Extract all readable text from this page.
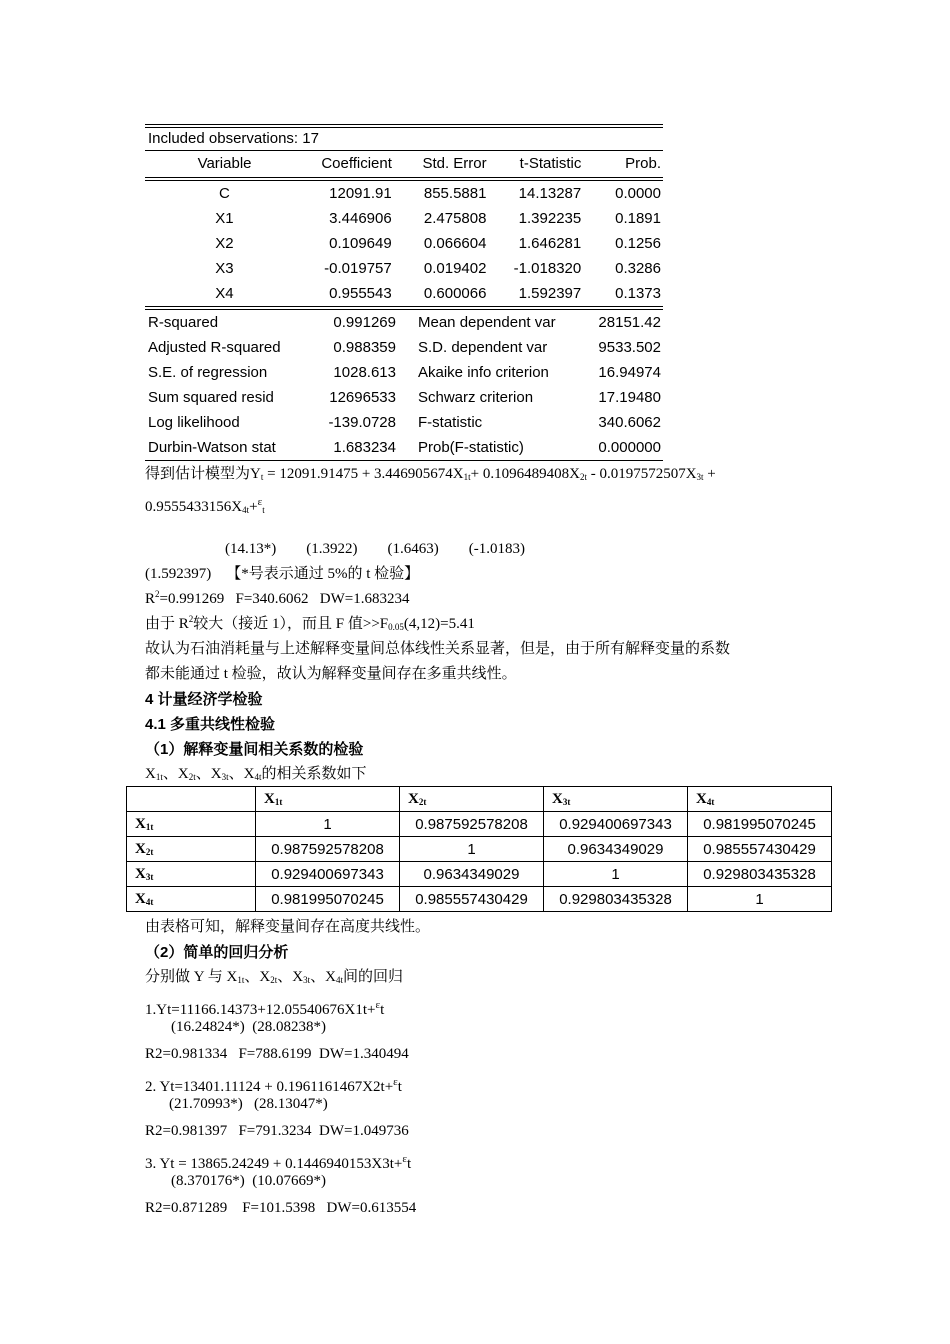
Included observations: 17
Variable	Coefficient	Std. Error	t-Statistic	Prob.
C	12091.91	855.5881	14.13287	0.0000
X1	3.446906	2.475808	1.392235	0.1891
X2	0.109649	0.066604	1.646281	0.1256
X3	-0.019757	0.019402	-1.018320	0.3286
X4	0.955543	0.600066	1.592397	0.1373
R-squared	0.991269	Mean dependent var	28151.42
Adjusted R-squared	0.988359	S.D. dependent var	9533.502
S.E. of regression	1028.613	Akaike info criterion	16.94974
Sum squared resid	12696533	Schwarz criterion	17.19480
Log likelihood	-139.0728	F-statistic	340.6062
Durbin-Watson stat	1.683234	Prob(F-statistic)	0.000000
得到估计模型为$Y_t = 12091.91475 + 3.446905674X_{1t}+ 0.1096489408X_{2t} - 0.0197572507X_{3t}$ +
$0.9555433156X_{4t}+^\varepsilon_t$
(14.13*)        (1.3922)        (1.6463)        (-1.0183)
(1.592397) 【*号表示通过 5%的 t 检验】
$R^2=0.991269$   F=340.6062   DW=1.683234
由于 $R^2$较大（接近 1），而且 F 值$>>F_{0.05}(4,12)=5.41$
故认为石油消耗量与上述解释变量间总体线性关系显著，但是，由于所有解释变量的系数
都未能通过 t 检验，故认为解释变量间存在多重共线性。
4 计量经济学检验
4.1 多重共线性检验
（1）解释变量间相关系数的检验
$X_{1t}$、$X_{2t}$、$X_{3t}$、$X_{4t}$的相关系数如下
	$X_{1t}$	$X_{2t}$	$X_{3t}$	$X_{4t}$
$X_{1t}$	1	0.987592578208	0.929400697343	0.981995070245
$X_{2t}$	0.987592578208	1	0.9634349029	0.985557430429
$X_{3t}$	0.929400697343	0.9634349029	1	0.929803435328
$X_{4t}$	0.981995070245	0.985557430429	0.929803435328	1
由表格可知，解释变量间存在高度共线性。
（2）简单的回归分析
分别做 Y 与 $X_{1t}$、$X_{2t}$、$X_{3t}$、$X_{4t}$间的回归
1.Yt=11166.14373+12.05540676X1t+$^\varepsilon$t
(16.24824*)  (28.08238*)
R2=0.981334   F=788.6199  DW=1.340494
2. Yt=13401.11124 + 0.1961161467X2t+$^\varepsilon$t
(21.70993*)   (28.13047*)
R2=0.981397   F=791.3234  DW=1.049736
3. Yt = 13865.24249 + 0.1446940153X3t+$^\varepsilon$t
(8.370176*)  (10.07669*)
R2=0.871289    F=101.5398   DW=0.613554
